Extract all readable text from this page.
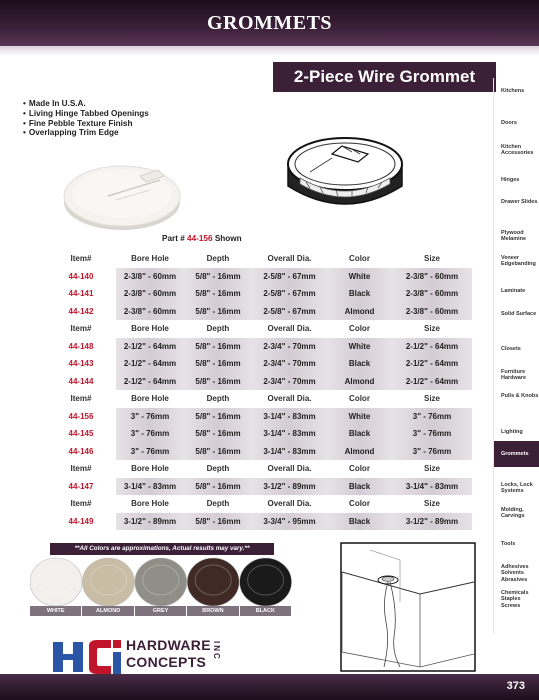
GROMMETS
2-Piece Wire Grommet
• Made In U.S.A.
• Living Hinge Tabbed Openings
• Fine Pebble Texture Finish
• Overlapping Trim Edge
Part # 44-156 Shown
Item#	Bore Hole	Depth	Overall Dia.	Color	Size
44-140	2-3/8" - 60mm	5/8" - 16mm	2-5/8" - 67mm	White	2-3/8" - 60mm
44-141	2-3/8" - 60mm	5/8" - 16mm	2-5/8" - 67mm	Black	2-3/8" - 60mm
44-142	2-3/8" - 60mm	5/8" - 16mm	2-5/8" - 67mm	Almond	2-3/8" - 60mm
Item#	Bore Hole	Depth	Overall Dia.	Color	Size
44-148	2-1/2" - 64mm	5/8" - 16mm	2-3/4" - 70mm	White	2-1/2" - 64mm
44-143	2-1/2" - 64mm	5/8" - 16mm	2-3/4" - 70mm	Black	2-1/2" - 64mm
44-144	2-1/2" - 64mm	5/8" - 16mm	2-3/4" - 70mm	Almond	2-1/2" - 64mm
Item#	Bore Hole	Depth	Overall Dia.	Color	Size
44-156	3" - 76mm	5/8" - 16mm	3-1/4" - 83mm	White	3" - 76mm
44-145	3" - 76mm	5/8" - 16mm	3-1/4" - 83mm	Black	3" - 76mm
44-146	3" - 76mm	5/8" - 16mm	3-1/4" - 83mm	Almond	3" - 76mm
Item#	Bore Hole	Depth	Overall Dia.	Color	Size
44-147	3-1/4" - 83mm	5/8" - 16mm	3-1/2" - 89mm	Black	3-1/4" - 83mm
Item#	Bore Hole	Depth	Overall Dia.	Color	Size
44-149	3-1/2" - 89mm	5/8" - 16mm	3-3/4" - 95mm	Black	3-1/2" - 89mm
**All Colors are approximations, Actual results may vary.**
WHITE	ALMOND	GREY	BROWN	BLACK
HARDWARE
CONCEPTS
INC
Kitchens
Doors
Kitchen Accessories
Hinges
Drawer Slides
Plywood Melamine
Veneer Edgebanding
Laminate
Solid Surface
Closets
Furniture Hardware
Pulls & Knobs
Lighting
Grommets
Locks, Lock Systems
Molding, Carvings
Tools
Adhesives Solvents Abrasives
Chemicals Staples Screws
373
